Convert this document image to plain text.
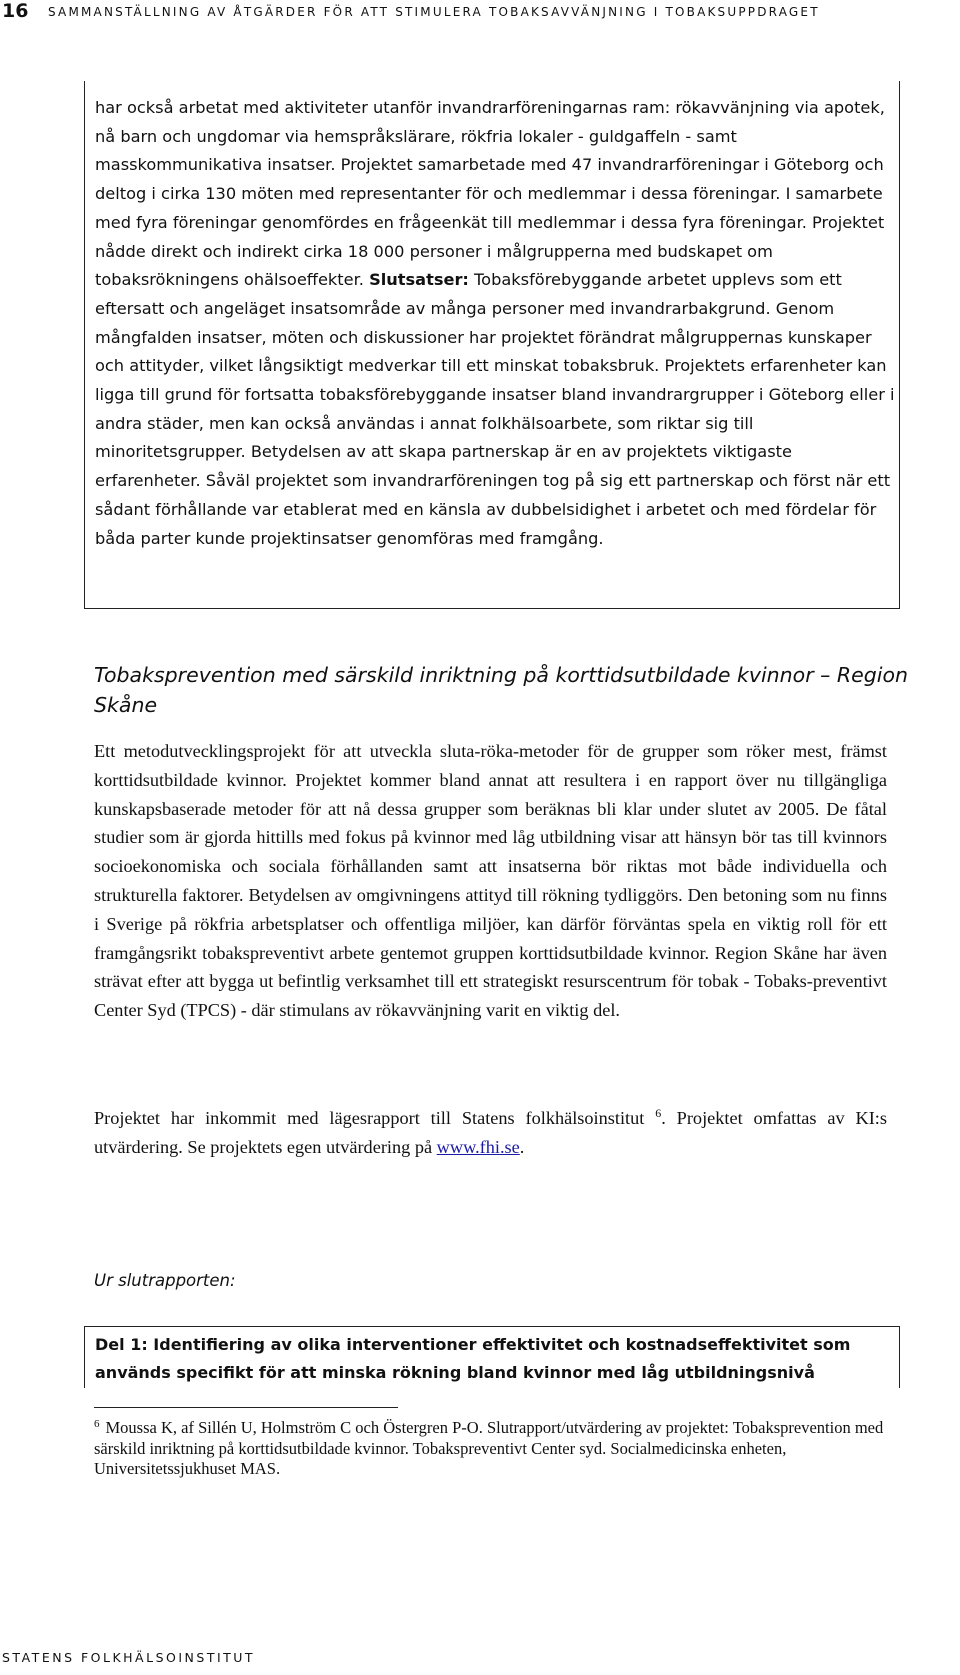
16 SAMMANSTÄLLNING AV ÅTGÄRDER FÖR ATT STIMULERA TOBAKSAVVÄNJNING I TOBAKSUPPDRAGET

har också arbetat med aktiviteter utanför invandrarföreningarnas ram: rökavvänjning via apotek, nå barn och ungdomar via hemspråkslärare, rökfria lokaler - guldgaffeln - samt masskommunikativa insatser. Projektet samarbetade med 47 invandrarföreningar i Göteborg och deltog i cirka 130 möten med representanter för och medlemmar i dessa föreningar. I samarbete med fyra föreningar genomfördes en frågeenkät till medlemmar i dessa fyra föreningar. Projektet nådde direkt och indirekt cirka 18 000 personer i målgrupperna med budskapet om tobaksrökningens ohälsoeffekter. Slutsatser: Tobaksförebyggande arbetet upplevs som ett eftersatt och angeläget insatsområde av många personer med invandrarbakgrund. Genom mångfalden insatser, möten och diskussioner har projektet förändrat målgruppernas kunskaper och attityder, vilket långsiktigt medverkar till ett minskat tobaksbruk. Projektets erfarenheter kan ligga till grund för fortsatta tobaksförebyggande insatser bland invandrargrupper i Göteborg eller i andra städer, men kan också användas i annat folkhälsoarbete, som riktar sig till minoritetsgrupper. Betydelsen av att skapa partnerskap är en av projektets viktigaste erfarenheter. Såväl projektet som invandrarföreningen tog på sig ett partnerskap och först när ett sådant förhållande var etablerat med en känsla av dubbelsidighet i arbetet och med fördelar för båda parter kunde projektinsatser genomföras med framgång.

Tobaksprevention med särskild inriktning på korttidsutbildade kvinnor – Region Skåne
Ett metodutvecklingsprojekt för att utveckla sluta-röka-metoder för de grupper som röker mest, främst korttidsutbildade kvinnor. Projektet kommer bland annat att resultera i en rapport över nu tillgängliga kunskapsbaserade metoder för att nå dessa grupper som beräknas bli klar under slutet av 2005. De fåtal studier som är gjorda hittills med fokus på kvinnor med låg utbildning visar att hänsyn bör tas till kvinnors socioekonomiska och sociala förhållanden samt att insatserna bör riktas mot både individuella och strukturella faktorer. Betydelsen av omgivningens attityd till rökning tydliggörs. Den betoning som nu finns i Sverige på rökfria arbetsplatser och offentliga miljöer, kan därför förväntas spela en viktig roll för ett framgångsrikt tobakspreventivt arbete gentemot gruppen korttidsutbildade kvinnor. Region Skåne har även strävat efter att bygga ut befintlig verksamhet till ett strategiskt resurscentrum för tobak - Tobaks-preventivt Center Syd (TPCS) - där stimulans av rökavvänjning varit en viktig del.
Projektet har inkommit med lägesrapport till Statens folkhälsoinstitut $^6$. Projektet omfattas av KI:s utvärdering. Se projektets egen utvärdering på www.fhi.se.
Ur slutrapporten:
Del 1: Identifiering av olika interventioner effektivitet och kostnadseffektivitet som används specifikt för att minska rökning bland kvinnor med låg utbildningsnivå
$^6$ Moussa K, af Sillén U, Holmström C och Östergren P-O. Slutrapport/utvärdering av projektet: Tobaksprevention med särskild inriktning på korttidsutbildade kvinnor. Tobakspreventivt Center syd. Socialmedicinska enheten, Universitetssjukhuset MAS.
STATENS FOLKHÄLSOINSTITUT
